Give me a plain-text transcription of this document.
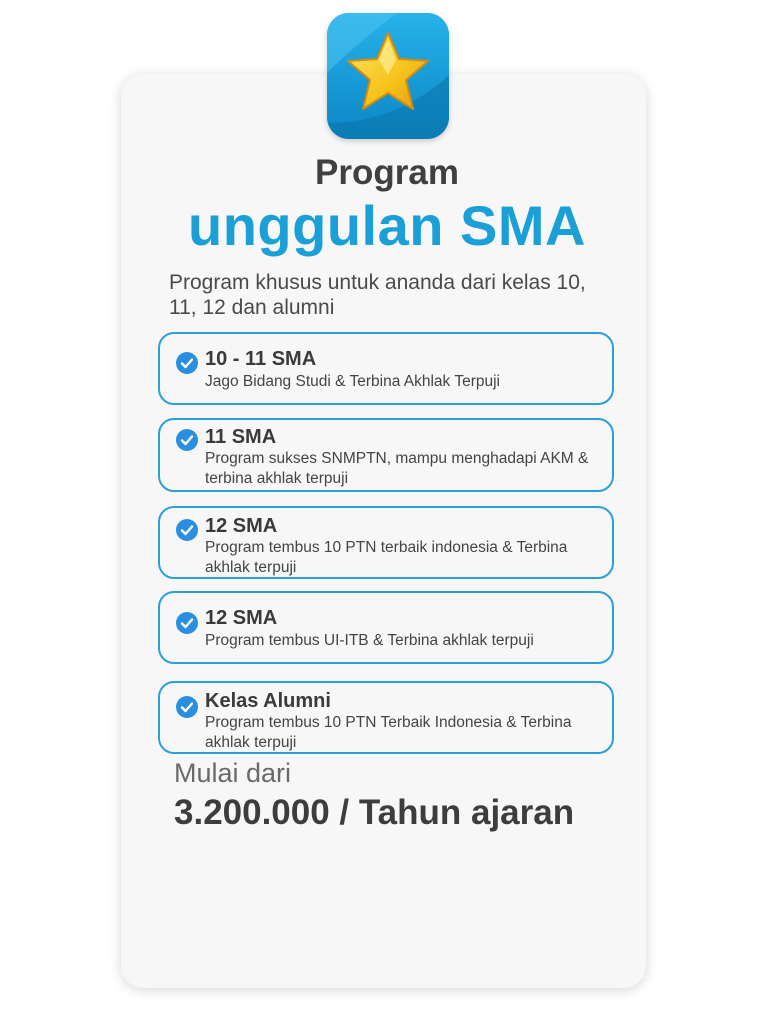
Program
unggulan SMA
Program khusus untuk ananda dari kelas 10, 11, 12 dan alumni
10 - 11 SMA
Jago Bidang Studi & Terbina Akhlak Terpuji
11 SMA
Program sukses SNMPTN, mampu menghadapi AKM & terbina akhlak terpuji
12 SMA
Program tembus 10 PTN terbaik indonesia & Terbina akhlak terpuji
12 SMA
Program tembus UI-ITB & Terbina akhlak terpuji
Kelas Alumni
Program tembus 10 PTN Terbaik Indonesia & Terbina akhlak terpuji
Mulai dari
3.200.000 / Tahun ajaran
